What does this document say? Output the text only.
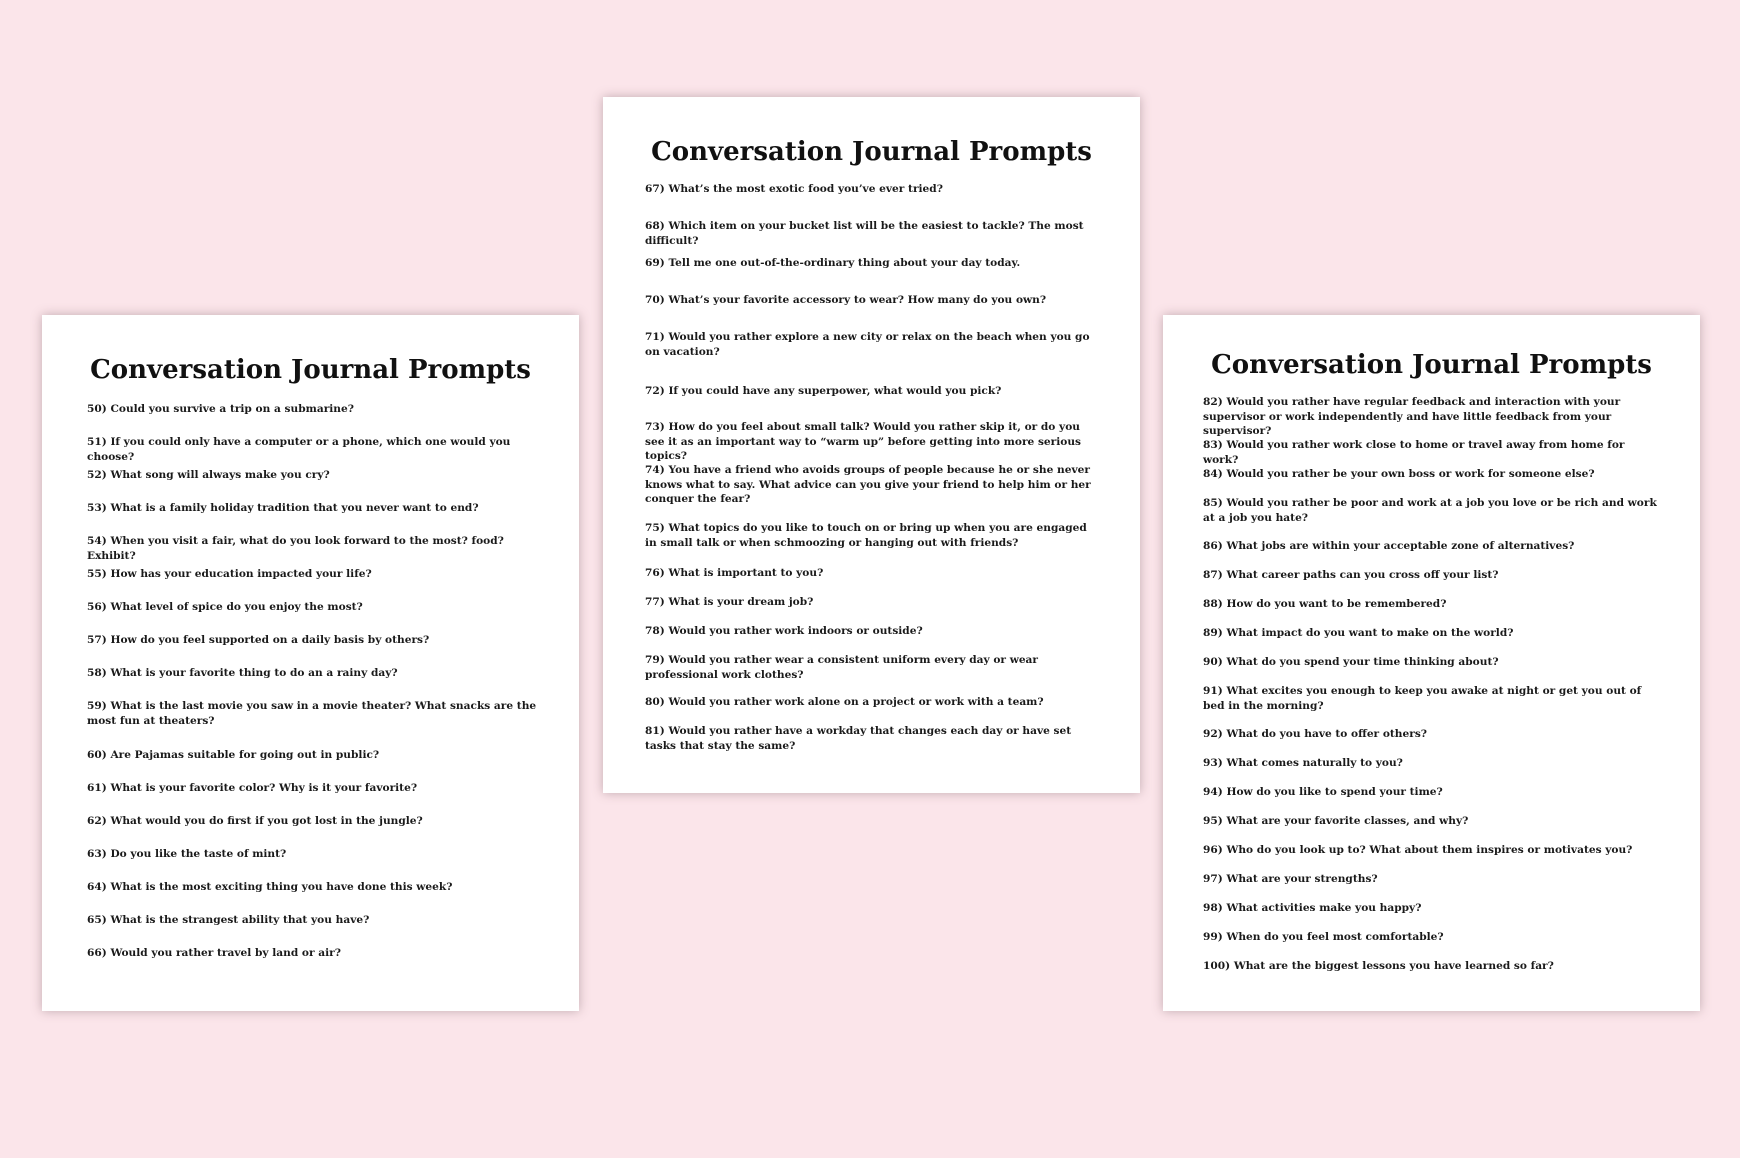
Conversation Journal Prompts

50) Could you survive a trip on a submarine?

51) If you could only have a computer or a phone, which one would you choose?

52) What song will always make you cry?

53) What is a family holiday tradition that you never want to end?

54) When you visit a fair, what do you look forward to the most? food? Exhibit?

55) How has your education impacted your life?

56) What level of spice do you enjoy the most?

57) How do you feel supported on a daily basis by others?

58) What is your favorite thing to do an a rainy day?

59) What is the last movie you saw in a movie theater? What snacks are the most fun at theaters?

60) Are Pajamas suitable for going out in public?

61) What is your favorite color? Why is it your favorite?

62) What would you do first if you got lost in the jungle?

63) Do you like the taste of mint?

64) What is the most exciting thing you have done this week?

65) What is the strangest ability that you have?

66) Would you rather travel by land or air?

Conversation Journal Prompts

67) What’s the most exotic food you’ve ever tried?

68) Which item on your bucket list will be the easiest to tackle? The most difficult?

69) Tell me one out-of-the-ordinary thing about your day today.

70) What’s your favorite accessory to wear? How many do you own?

71) Would you rather explore a new city or relax on the beach when you go on vacation?

72) If you could have any superpower, what would you pick?

73) How do you feel about small talk? Would you rather skip it, or do you see it as an important way to “warm up” before getting into more serious topics?

74) You have a friend who avoids groups of people because he or she never knows what to say. What advice can you give your friend to help him or her conquer the fear?

75) What topics do you like to touch on or bring up when you are engaged in small talk or when schmoozing or hanging out with friends?

76) What is important to you?

77) What is your dream job?

78) Would you rather work indoors or outside?

79) Would you rather wear a consistent uniform every day or wear professional work clothes?

80) Would you rather work alone on a project or work with a team?

81) Would you rather have a workday that changes each day or have set tasks that stay the same?

Conversation Journal Prompts

82) Would you rather have regular feedback and interaction with your supervisor or work independently and have little feedback from your supervisor?

83) Would you rather work close to home or travel away from home for work?

84) Would you rather be your own boss or work for someone else?

85) Would you rather be poor and work at a job you love or be rich and work at a job you hate?

86) What jobs are within your acceptable zone of alternatives?

87) What career paths can you cross off your list?

88) How do you want to be remembered?

89) What impact do you want to make on the world?

90) What do you spend your time thinking about?

91) What excites you enough to keep you awake at night or get you out of bed in the morning?

92) What do you have to offer others?

93) What comes naturally to you?

94) How do you like to spend your time?

95) What are your favorite classes, and why?

96) Who do you look up to? What about them inspires or motivates you?

97) What are your strengths?

98) What activities make you happy?

99) When do you feel most comfortable?

100) What are the biggest lessons you have learned so far?
